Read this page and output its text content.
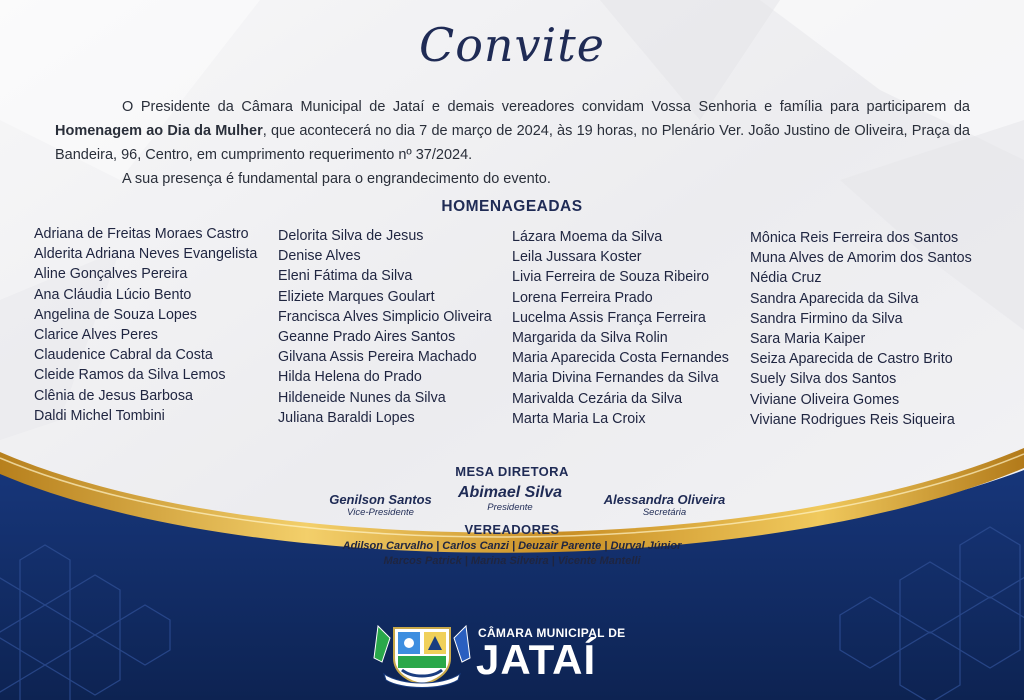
Convite

O Presidente da Câmara Municipal de Jataí e demais vereadores convidam Vossa Senhoria e família para participarem da Homenagem ao Dia da Mulher, que acontecerá no dia 7 de março de 2024, às 19 horas, no Plenário Ver. João Justino de Oliveira, Praça da Bandeira, 96, Centro, em cumprimento requerimento nº 37/2024.

A sua presença é fundamental para o engrandecimento do evento.

HOMENAGEADAS
Adriana de Freitas Moraes Castro
Alderita Adriana Neves Evangelista
Aline Gonçalves Pereira
Ana Cláudia Lúcio Bento
Angelina de Souza Lopes
Clarice Alves Peres
Claudenice Cabral da Costa
Cleide Ramos da Silva Lemos
Clênia de Jesus Barbosa
Daldi Michel Tombini
Delorita Silva de Jesus
Denise Alves
Eleni Fátima da Silva
Eliziete Marques Goulart
Francisca Alves Simplicio Oliveira
Geanne Prado Aires Santos
Gilvana Assis Pereira Machado
Hilda Helena do Prado
Hildeneide Nunes da Silva
Juliana Baraldi Lopes
Lázara Moema da Silva
Leila Jussara Koster
Livia Ferreira de Souza Ribeiro
Lorena Ferreira Prado
Lucelma Assis França Ferreira
Margarida da Silva Rolin
Maria Aparecida Costa Fernandes
Maria Divina Fernandes da Silva
Marivalda Cezária da Silva
Marta Maria La Croix
Mônica Reis Ferreira dos Santos
Muna Alves de Amorim dos Santos
Nédia Cruz
Sandra Aparecida da Silva
Sandra Firmino da Silva
Sara Maria Kaiper
Seiza Aparecida de Castro Brito
Suely Silva dos Santos
Viviane Oliveira Gomes
Viviane Rodrigues Reis Siqueira
MESA DIRETORA
Genilson Santos
Vice-Presidente
Abimael Silva
Presidente
Alessandra Oliveira
Secretária
VEREADORES
Adilson Carvalho | Carlos Canzi | Deuzair Parente | Durval Júnior
Marcos Patrick | Marina Silveira | Vicente Mantelli
CÂMARA MUNICIPAL DE
JATAÍ
